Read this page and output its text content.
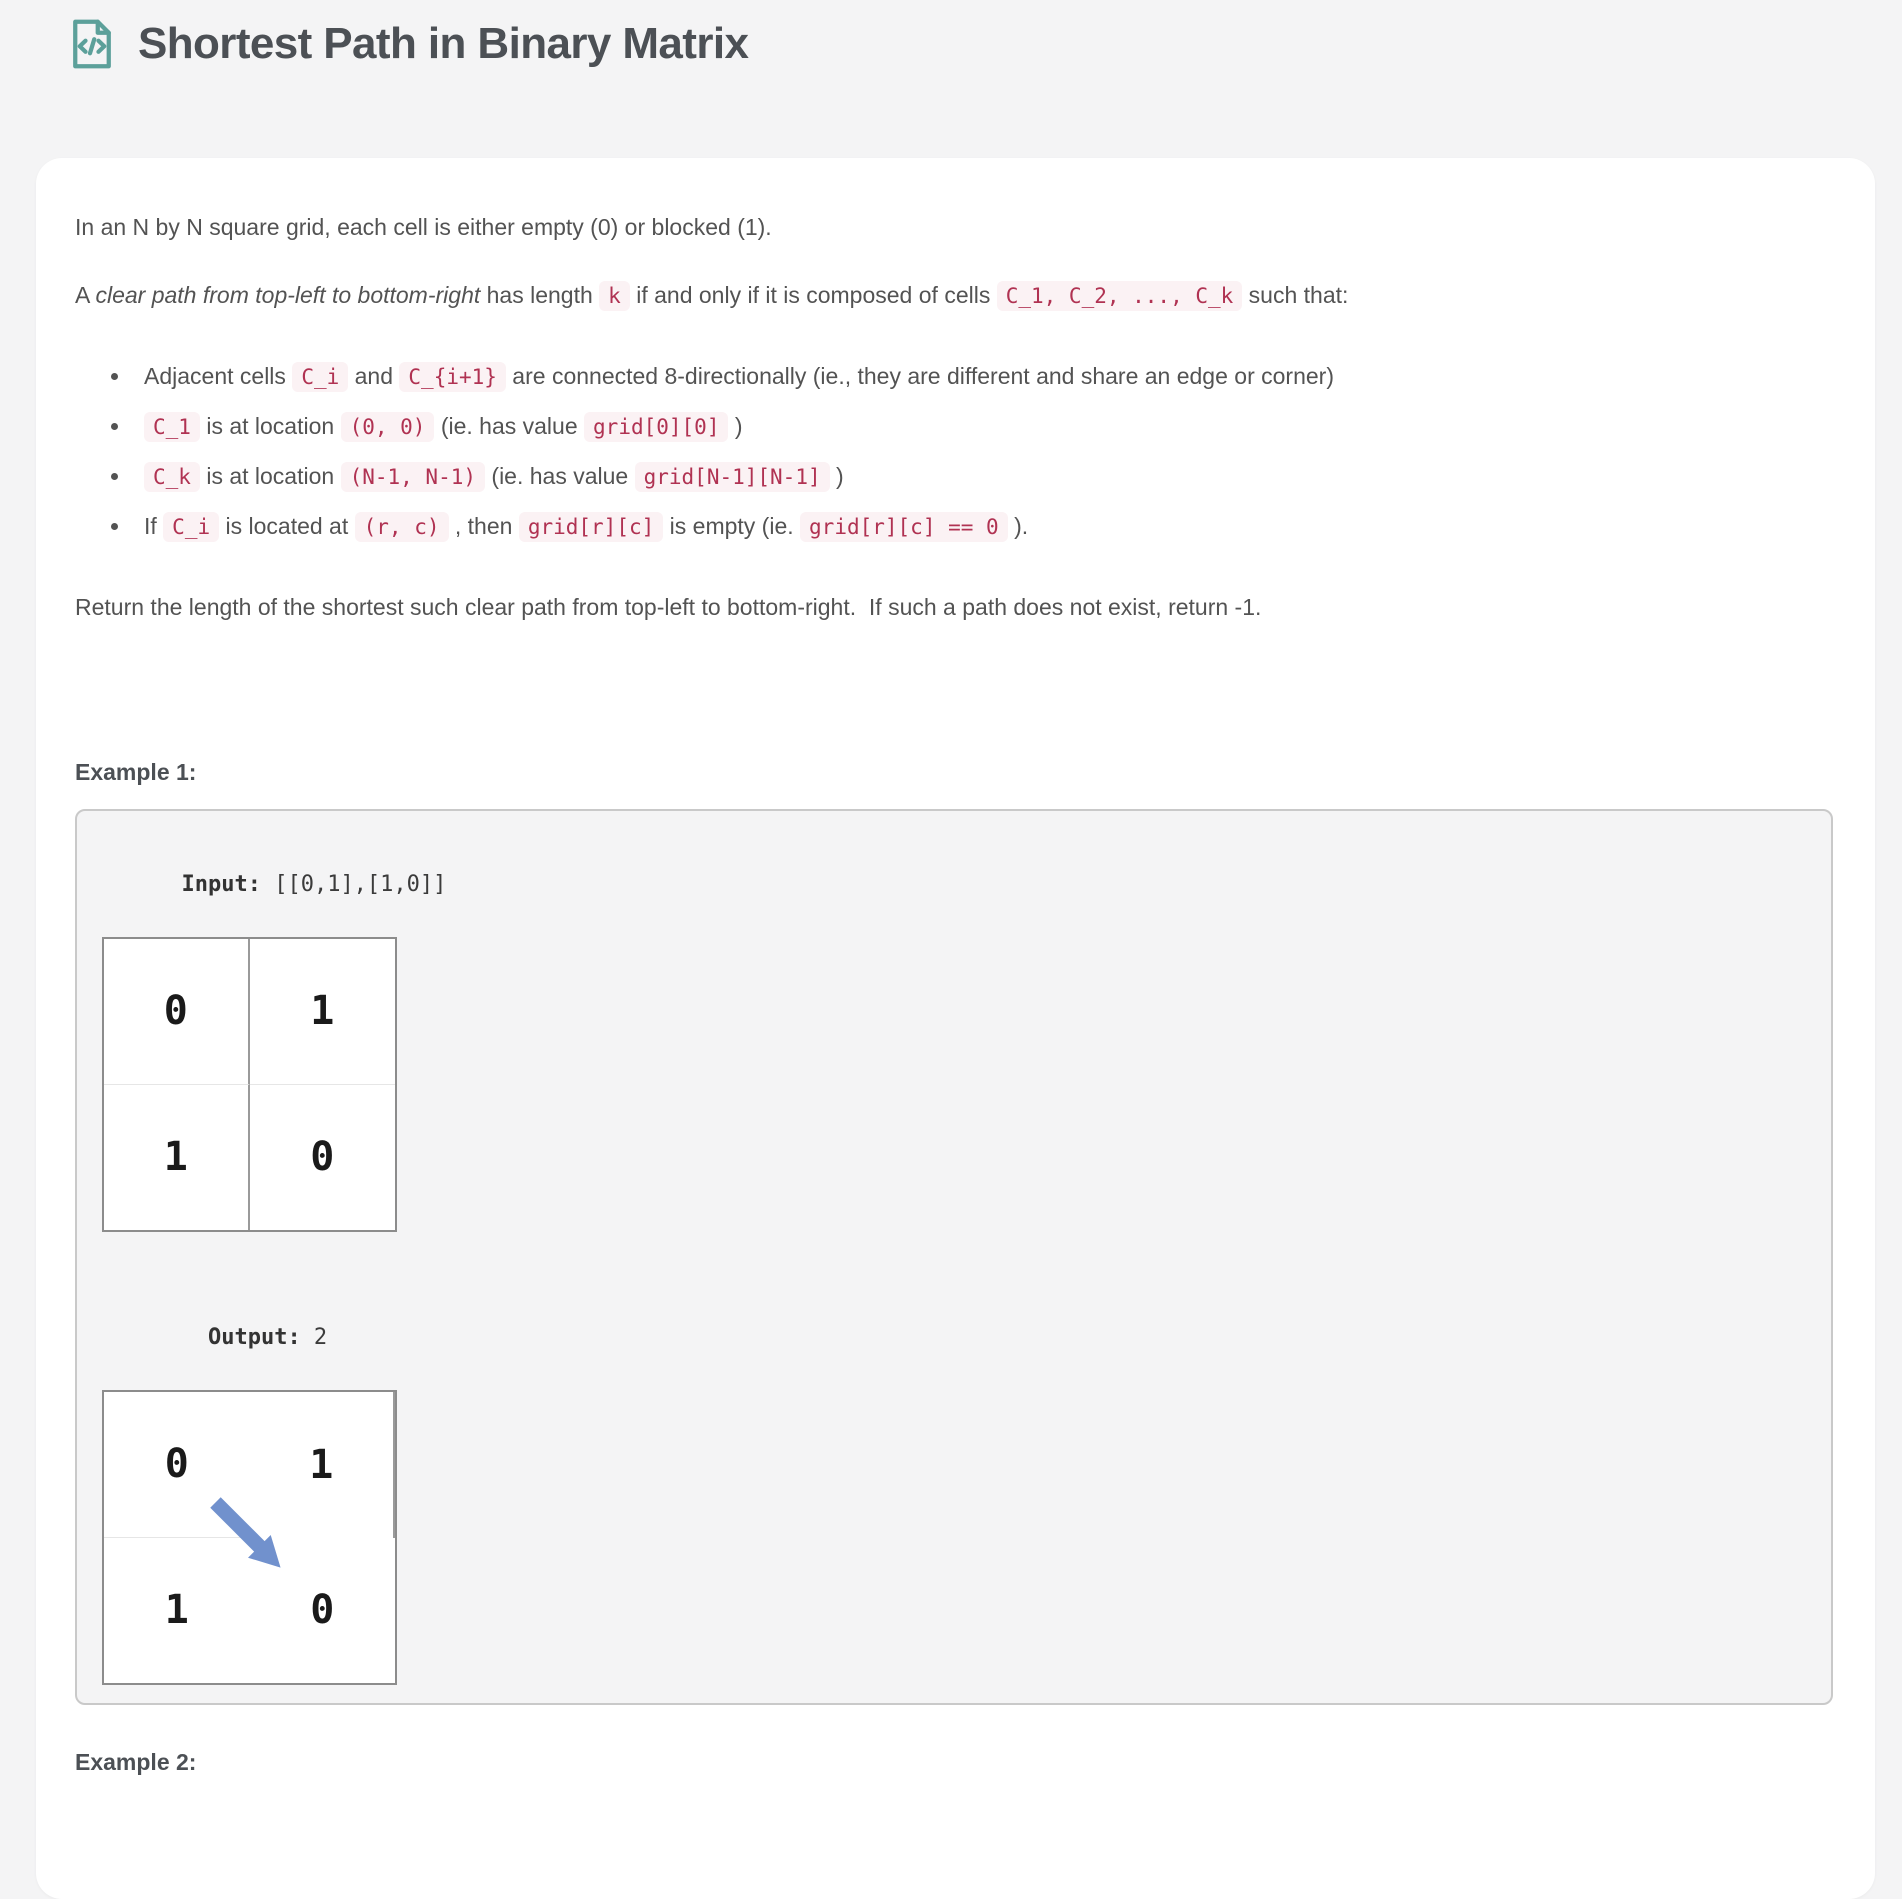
Shortest Path in Binary Matrix

In an N by N square grid, each cell is either empty (0) or blocked (1).

A clear path from top-left to bottom-right has length k if and only if it is composed of cells C_1, C_2, ..., C_k such that:

• Adjacent cells C_i and C_{i+1} are connected 8-directionally (ie., they are different and share an edge or corner)
• C_1 is at location (0, 0) (ie. has value grid[0][0] )
• C_k is at location (N-1, N-1) (ie. has value grid[N-1][N-1] )
• If C_i is located at (r, c) , then grid[r][c] is empty (ie. grid[r][c] == 0 ).

Return the length of the shortest such clear path from top-left to bottom-right.  If such a path does not exist, return -1.

Example 1:

Input: [[0,1],[1,0]]

0	1
1	0

Output: 2

0	1
1	0
Example 2:
